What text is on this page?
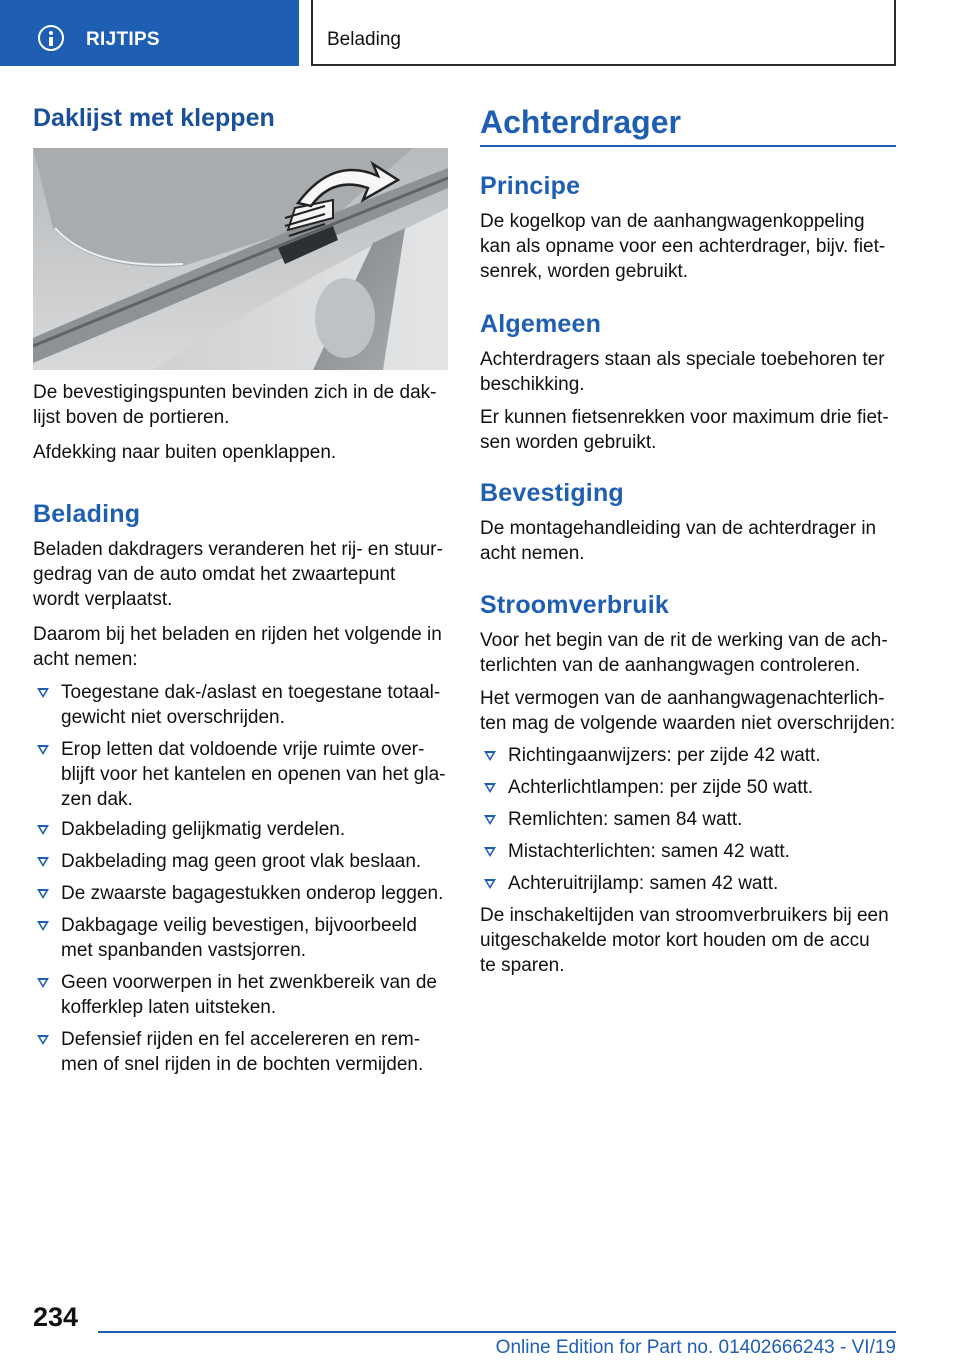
RIJTIPS	Belading
Daklijst met kleppen
De bevestigingspunten bevinden zich in de dak-
lijst boven de portieren.
Afdekking naar buiten openklappen.
Belading
Beladen dakdragers veranderen het rij- en stuur-
gedrag van de auto omdat het zwaartepunt
wordt verplaatst.
Daarom bij het beladen en rijden het volgende in
acht nemen:
Toegestane dak-/aslast en toegestane totaal-
gewicht niet overschrijden.
Erop letten dat voldoende vrije ruimte over-
blijft voor het kantelen en openen van het gla-
zen dak.
Dakbelading gelijkmatig verdelen.
Dakbelading mag geen groot vlak beslaan.
De zwaarste bagagestukken onderop leggen.
Dakbagage veilig bevestigen, bijvoorbeeld
met spanbanden vastsjorren.
Geen voorwerpen in het zwenkbereik van de
kofferklep laten uitsteken.
Defensief rijden en fel accelereren en rem-
men of snel rijden in de bochten vermijden.
Achterdrager
Principe
De kogelkop van de aanhangwagenkoppeling
kan als opname voor een achterdrager, bijv. fiet-
senrek, worden gebruikt.
Algemeen
Achterdragers staan als speciale toebehoren ter
beschikking.
Er kunnen fietsenrekken voor maximum drie fiet-
sen worden gebruikt.
Bevestiging
De montagehandleiding van de achterdrager in
acht nemen.
Stroomverbruik
Voor het begin van de rit de werking van de ach-
terlichten van de aanhangwagen controleren.
Het vermogen van de aanhangwagenachterlich-
ten mag de volgende waarden niet overschrijden:
Richtingaanwijzers: per zijde 42 watt.
Achterlichtlampen: per zijde 50 watt.
Remlichten: samen 84 watt.
Mistachterlichten: samen 42 watt.
Achteruitrijlamp: samen 42 watt.
De inschakeltijden van stroomverbruikers bij een
uitgeschakelde motor kort houden om de accu
te sparen.
234
Online Edition for Part no. 01402666243 - VI/19
